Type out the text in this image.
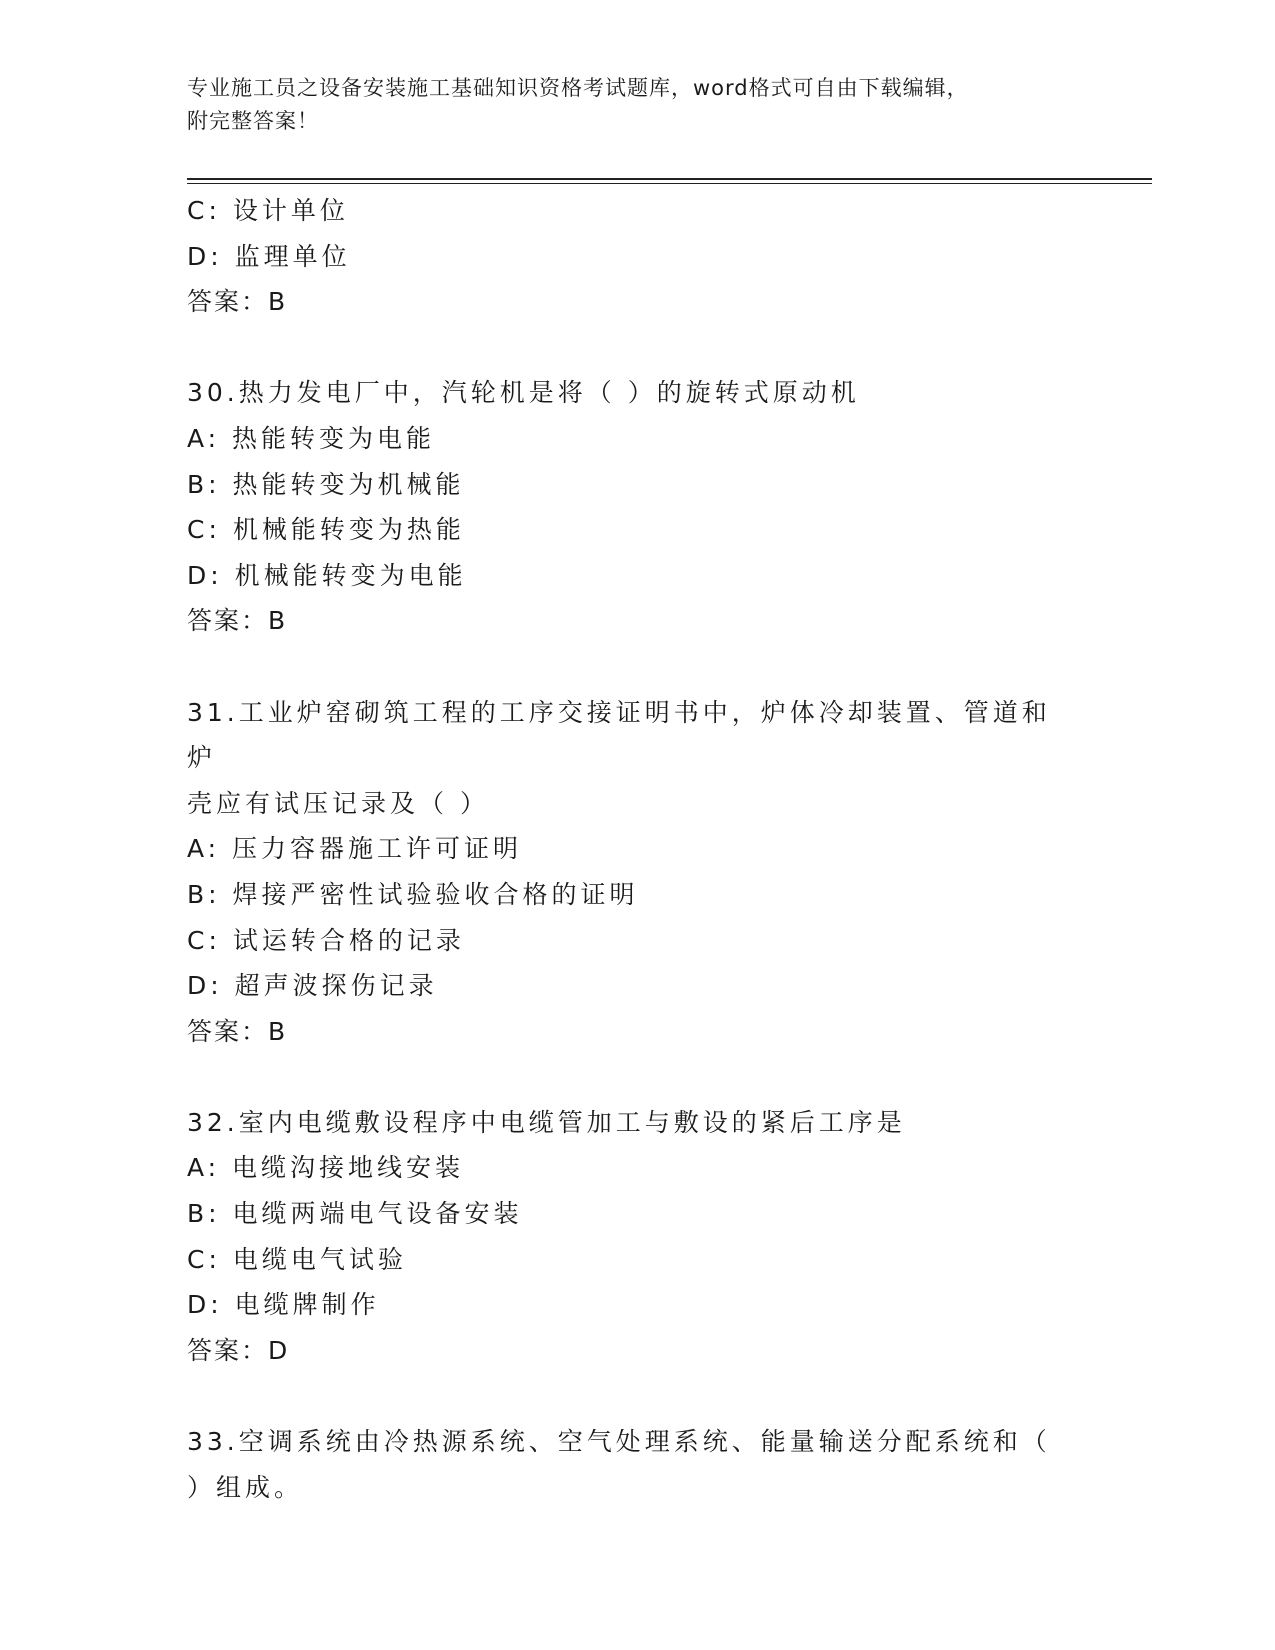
专业施工员之设备安装施工基础知识资格考试题库，word格式可自由下载编辑，
附完整答案！
C: 设计单位
D: 监理单位
答案：B
30.热力发电厂中，汽轮机是将（ ）的旋转式原动机
A: 热能转变为电能
B: 热能转变为机械能
C: 机械能转变为热能
D: 机械能转变为电能
答案：B
31.工业炉窑砌筑工程的工序交接证明书中，炉体冷却装置、管道和炉
壳应有试压记录及（ ）
A: 压力容器施工许可证明
B: 焊接严密性试验验收合格的证明
C: 试运转合格的记录
D: 超声波探伤记录
答案：B
32.室内电缆敷设程序中电缆管加工与敷设的紧后工序是
A: 电缆沟接地线安装
B: 电缆两端电气设备安装
C: 电缆电气试验
D: 电缆牌制作
答案：D
33.空调系统由冷热源系统、空气处理系统、能量输送分配系统和（
）组成。
